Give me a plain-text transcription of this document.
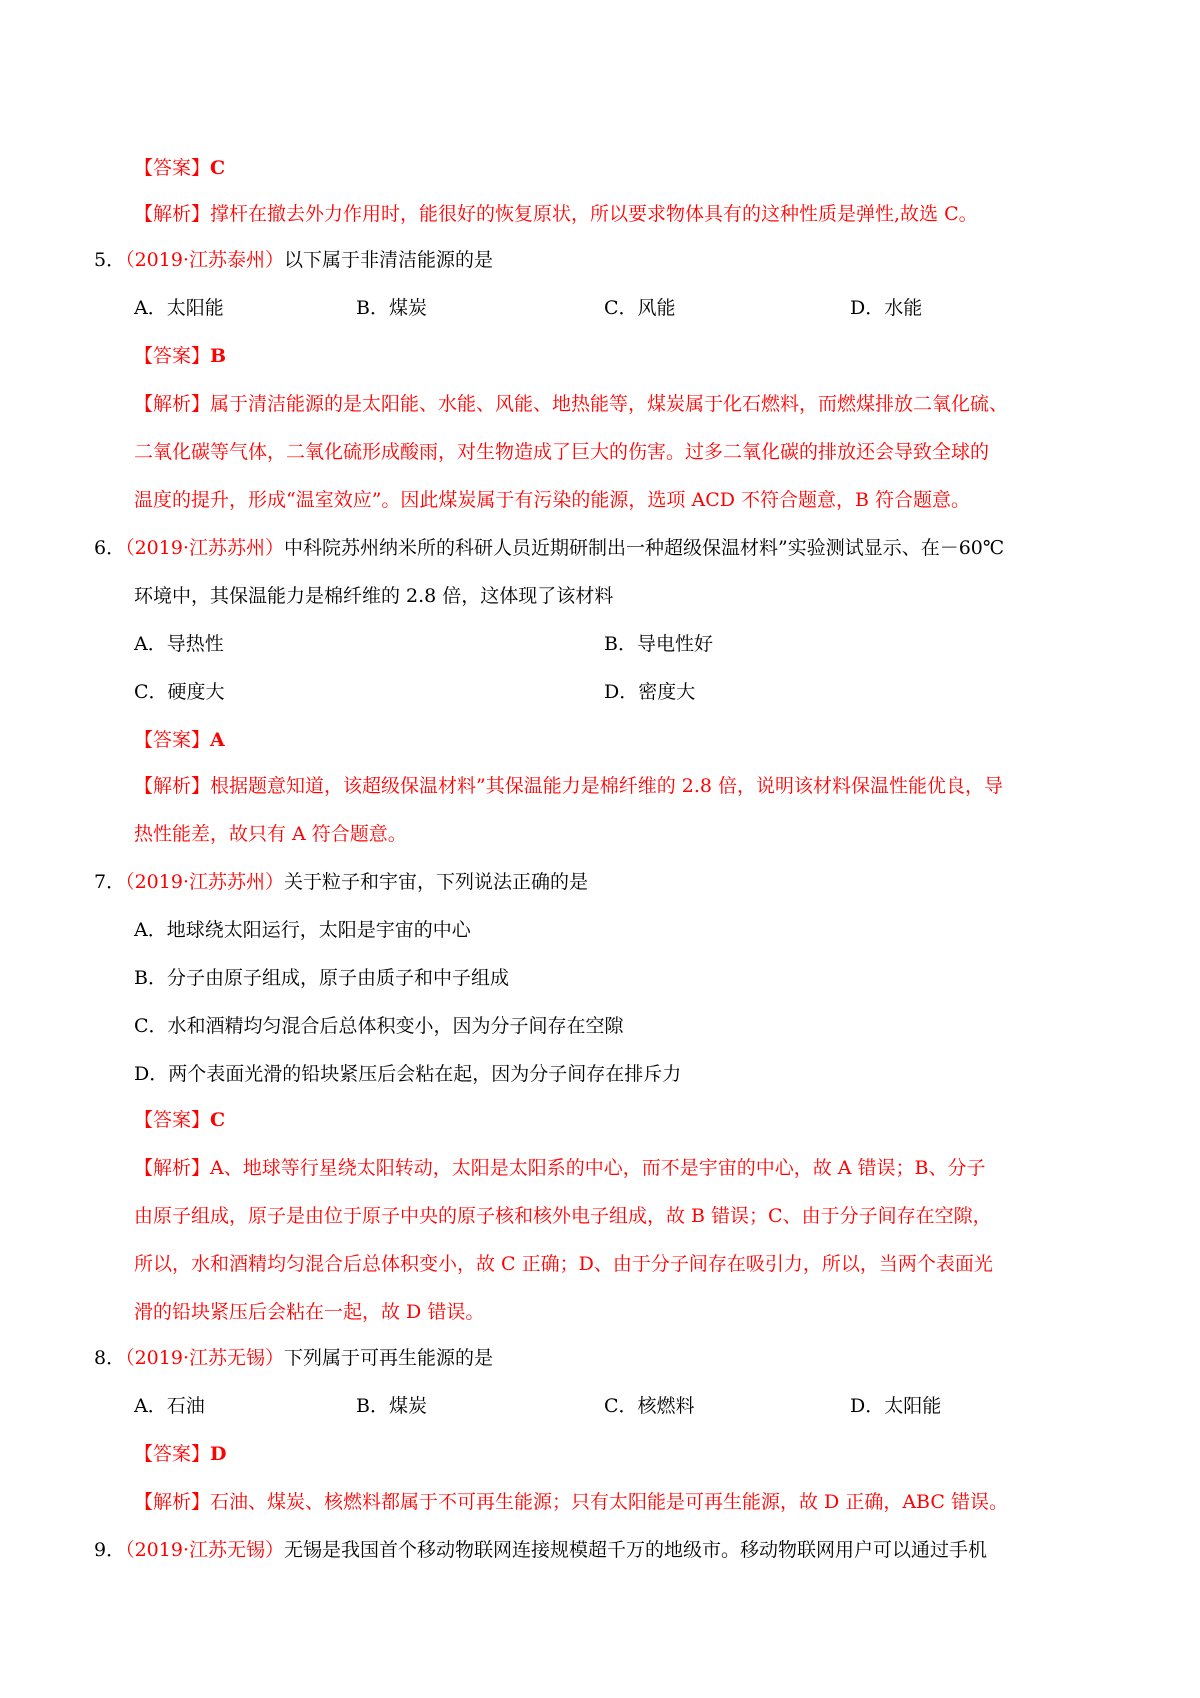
【答案】C
【解析】撑杆在撤去外力作用时，能很好的恢复原状，所以要求物体具有的这种性质是弹性,故选 C。
5．（2019·江苏泰州）以下属于非清洁能源的是
A．太阳能	B．煤炭	C．风能	D．水能
【答案】B
【解析】属于清洁能源的是太阳能、水能、风能、地热能等，煤炭属于化石燃料，而燃煤排放二氧化硫、
二氧化碳等气体，二氧化硫形成酸雨，对生物造成了巨大的伤害。过多二氧化碳的排放还会导致全球的
温度的提升，形成“温室效应”。因此煤炭属于有污染的能源，选项 ACD 不符合题意，B 符合题意。
6．（2019·江苏苏州）中科院苏州纳米所的科研人员近期研制出一种超级保温材料”实验测试显示、在－60℃
环境中，其保温能力是棉纤维的 2.8 倍，这体现了该材料
A．导热性	B．导电性好
C．硬度大	D．密度大
【答案】A
【解析】根据题意知道，该超级保温材料”其保温能力是棉纤维的 2.8 倍，说明该材料保温性能优良，导
热性能差，故只有 A 符合题意。
7．（2019·江苏苏州）关于粒子和宇宙，下列说法正确的是
A．地球绕太阳运行，太阳是宇宙的中心
B．分子由原子组成，原子由质子和中子组成
C．水和酒精均匀混合后总体积变小，因为分子间存在空隙
D．两个表面光滑的铅块紧压后会粘在起，因为分子间存在排斥力
【答案】C
【解析】A、地球等行星绕太阳转动，太阳是太阳系的中心，而不是宇宙的中心，故 A 错误；B、分子
由原子组成，原子是由位于原子中央的原子核和核外电子组成，故 B 错误；C、由于分子间存在空隙，
所以，水和酒精均匀混合后总体积变小，故 C 正确；D、由于分子间存在吸引力，所以，当两个表面光
滑的铅块紧压后会粘在一起，故 D 错误。
8．（2019·江苏无锡）下列属于可再生能源的是
A．石油	B．煤炭	C．核燃料	D．太阳能
【答案】D
【解析】石油、煤炭、核燃料都属于不可再生能源；只有太阳能是可再生能源，故 D 正确，ABC 错误。
9．（2019·江苏无锡）无锡是我国首个移动物联网连接规模超千万的地级市。移动物联网用户可以通过手机
